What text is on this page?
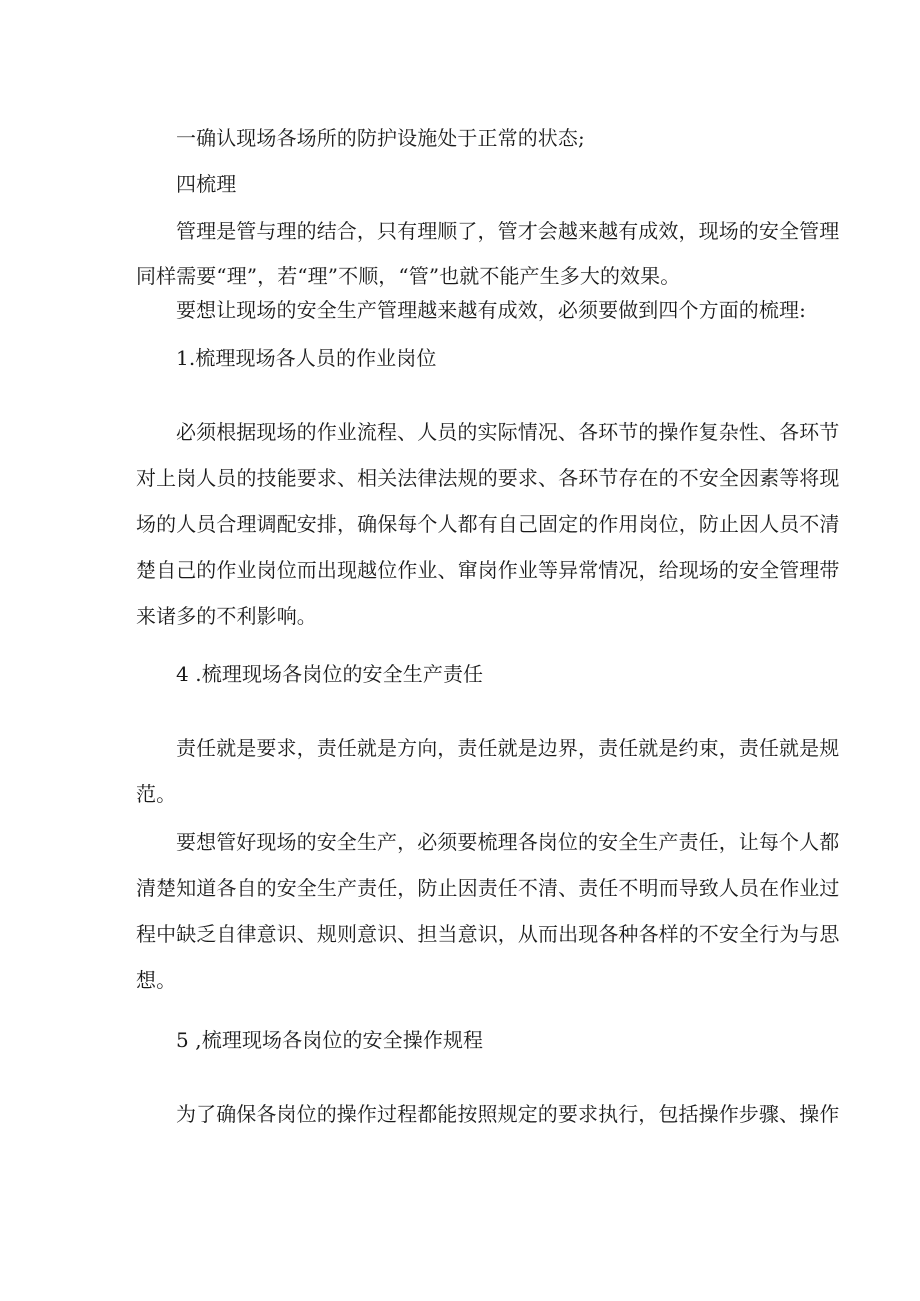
一确认现场各场所的防护设施处于正常的状态;
四梳理
管理是管与理的结合，只有理顺了，管才会越来越有成效，现场的安全管理
同样需要“理”，若“理”不顺，“管”也就不能产生多大的效果。
要想让现场的安全生产管理越来越有成效，必须要做到四个方面的梳理:
1.梳理现场各人员的作业岗位
必须根据现场的作业流程、人员的实际情况、各环节的操作复杂性、各环节
对上岗人员的技能要求、相关法律法规的要求、各环节存在的不安全因素等将现
场的人员合理调配安排，确保每个人都有自己固定的作用岗位，防止因人员不清
楚自己的作业岗位而出现越位作业、窜岗作业等异常情况，给现场的安全管理带
来诸多的不利影响。
4 .梳理现场各岗位的安全生产责任
责任就是要求，责任就是方向，责任就是边界，责任就是约束，责任就是规
范。
要想管好现场的安全生产，必须要梳理各岗位的安全生产责任，让每个人都
清楚知道各自的安全生产责任，防止因责任不清、责任不明而导致人员在作业过
程中缺乏自律意识、规则意识、担当意识，从而出现各种各样的不安全行为与思
想。
5 ,梳理现场各岗位的安全操作规程
为了确保各岗位的操作过程都能按照规定的要求执行，包括操作步骤、操作
